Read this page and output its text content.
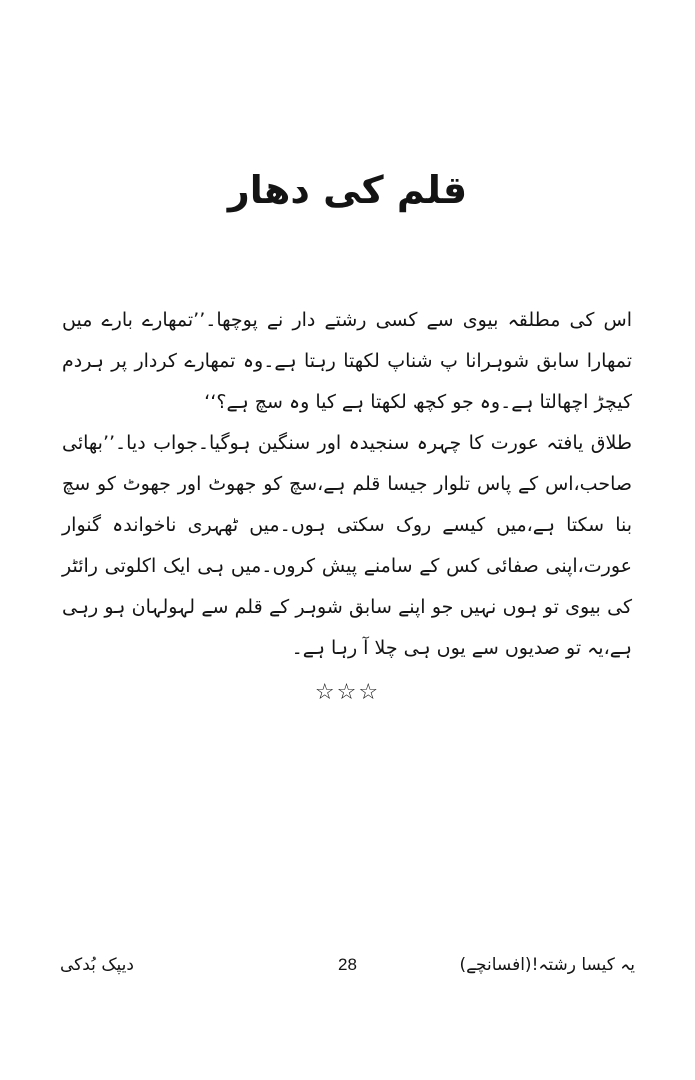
قلم کی دھار

اس کی مطلقہ بیوی سے کسی رشتے دار نے پوچھا۔’’تمھارے بارے میں تمھارا سابق شوہرانا پ شناپ لکھتا رہتا ہے۔وہ تمھارے کردار پر ہردم کیچڑ اچھالتا ہے۔وہ جو کچھ لکھتا ہے کیا وہ سچ ہے؟‘‘

طلاق یافتہ عورت کا چہرہ سنجیدہ اور سنگین ہوگیا۔جواب دیا۔’’بھائی صاحب،اس کے پاس تلوار جیسا قلم ہے،سچ کو جھوٹ اور جھوٹ کو سچ بنا سکتا ہے،میں کیسے روک سکتی ہوں۔میں ٹھہری ناخواندہ گنوار عورت،اپنی صفائی کس کے سامنے پیش کروں۔میں ہی ایک اکلوتی رائٹر کی بیوی تو ہوں نہیں جو اپنے سابق شوہر کے قلم سے لہولہان ہو رہی ہے،یہ تو صدیوں سے یوں ہی چلا آ رہا ہے۔

☆☆☆
دیپک بُدکی	28	یہ کیسا رشتہ!(افسانچے)
